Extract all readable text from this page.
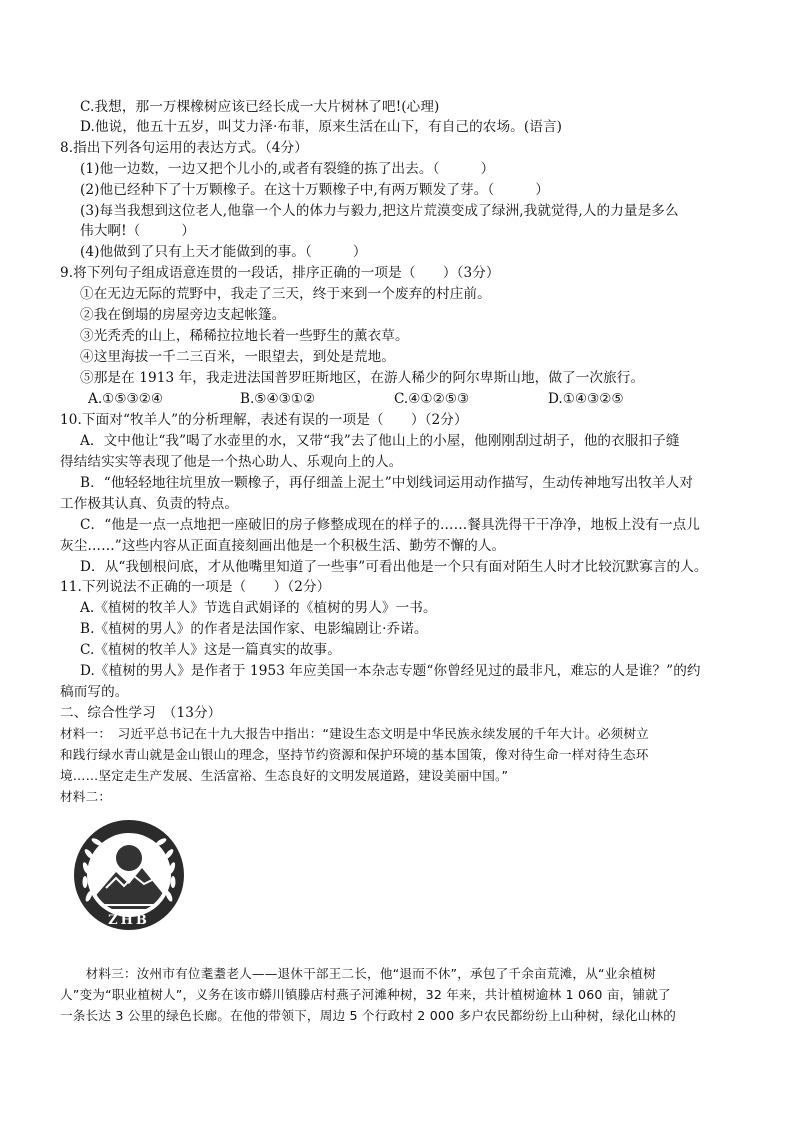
C.我想，那一万棵橡树应该已经长成一大片树林了吧!(心理)
D.他说，他五十五岁，叫艾力泽·布菲，原来生活在山下，有自己的农场。(语言)
8.指出下列各句运用的表达方式。（4分）
(1)他一边数，一边又把个儿小的,或者有裂缝的拣了出去。（　　　）
(2)他已经种下了十万颗橡子。在这十万颗橡子中,有两万颗发了芽。（　　　）
(3)每当我想到这位老人,他靠一个人的体力与毅力,把这片荒漠变成了绿洲,我就觉得,人的力量是多么
伟大啊!（　　　）
(4)他做到了只有上天才能做到的事。（　　　）
9.将下列句子组成语意连贯的一段话，排序正确的一项是（　　）（3分）
①在无边无际的荒野中，我走了三天，终于来到一个废弃的村庄前。
②我在倒塌的房屋旁边支起帐篷。
③光秃秃的山上，稀稀拉拉地长着一些野生的薰衣草。
④这里海拔一千二三百米，一眼望去，到处是荒地。
⑤那是在 1913 年，我走进法国普罗旺斯地区，在游人稀少的阿尔卑斯山地，做了一次旅行。
A.①⑤③②④	B.⑤④③①②	C.④①②⑤③	D.①④③②⑤
10.下面对“牧羊人”的分析理解，表述有误的一项是（　　）（2分）
A．文中他让“我”喝了水壶里的水，又带“我”去了他山上的小屋，他刚刚刮过胡子，他的衣服扣子缝
得结结实实等表现了他是一个热心助人、乐观向上的人。
B．“他轻轻地往坑里放一颗橡子，再仔细盖上泥土”中划线词运用动作描写，生动传神地写出牧羊人对
工作极其认真、负责的特点。
C．“他是一点一点地把一座破旧的房子修整成现在的样子的……餐具洗得干干净净，地板上没有一点儿
灰尘……”这些内容从正面直接刻画出他是一个积极生活、勤劳不懈的人。
D．从“我刨根问底，才从他嘴里知道了一些事”可看出他是一个只有面对陌生人时才比较沉默寡言的人。
11.下列说法不正确的一项是（　　）（2分）
A.《植树的牧羊人》节选自武娟译的《植树的男人》一书。
B.《植树的男人》的作者是法国作家、电影编剧让·乔诺。
C.《植树的牧羊人》这是一篇真实的故事。
D.《植树的男人》是作者于 1953 年应美国一本杂志专题“你曾经见过的最非凡，难忘的人是谁？”的约
稿而写的。
二、综合性学习　（13分）
材料一：　习近平总书记在十九大报告中指出：“建设生态文明是中华民族永续发展的千年大计。必须树立
和践行绿水青山就是金山银山的理念，坚持节约资源和保护环境的基本国策，像对待生命一样对待生态环
境……坚定走生产发展、生活富裕、生态良好的文明发展道路，建设美丽中国。”
材料二：
ZHB
　　材料三：汝州市有位耄耋老人——退休干部王二长，他“退而不休”，承包了千余亩荒滩，从“业余植树
人”变为“职业植树人”，义务在该市蟒川镇滕店村燕子河滩种树，32 年来，共计植树逾林 1 060 亩，铺就了
一条长达 3 公里的绿色长廊。在他的带领下，周边 5 个行政村 2 000 多户农民都纷纷上山种树，绿化山林的
